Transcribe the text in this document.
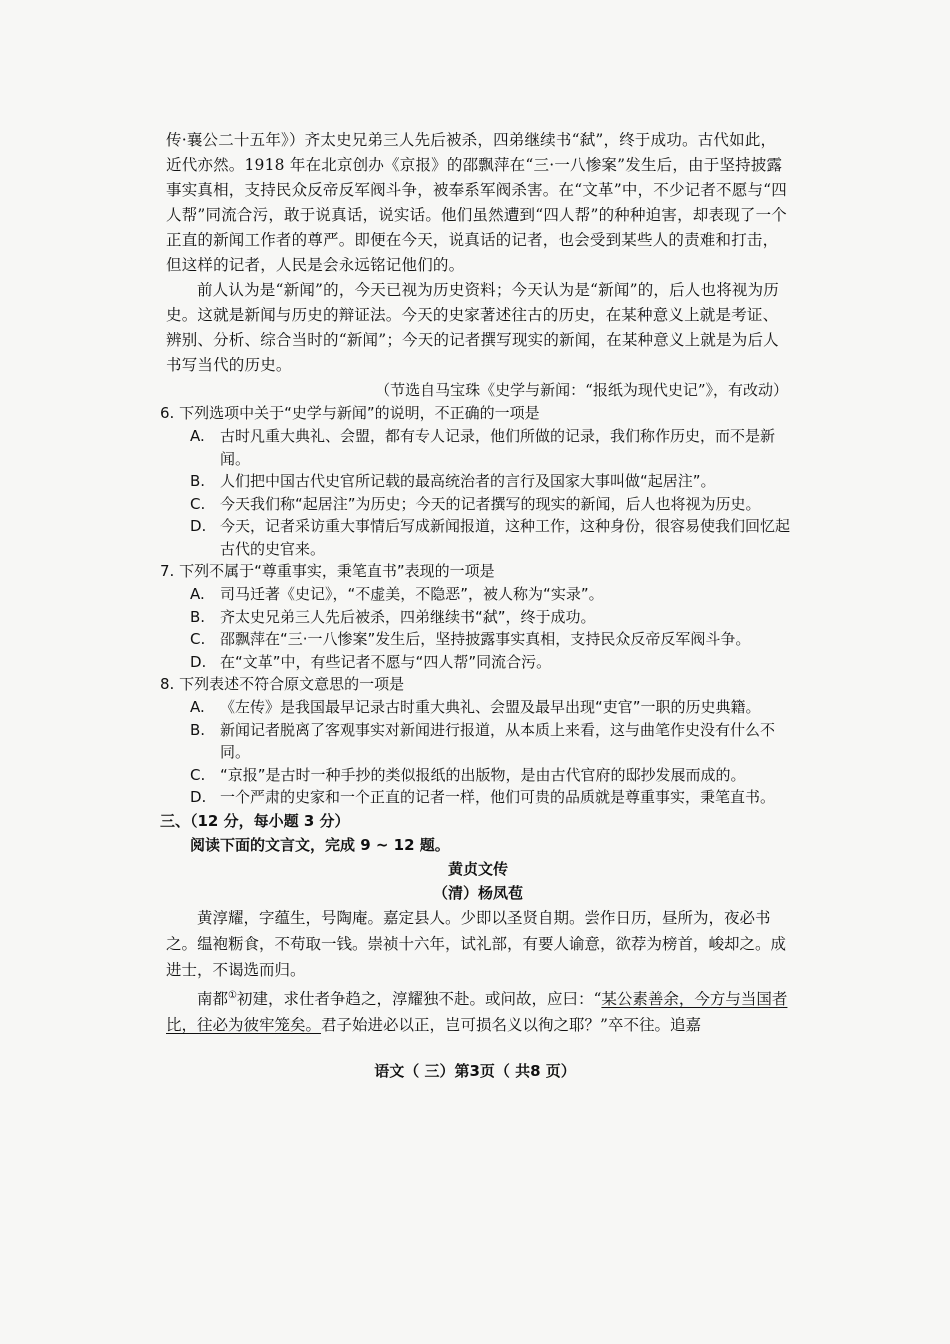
传·襄公二十五年》）齐太史兄弟三人先后被杀，四弟继续书“弑”，终于成功。古代如此，近代亦然。1918 年在北京创办《京报》的邵飘萍在“三·一八惨案”发生后，由于坚持披露事实真相，支持民众反帝反军阀斗争，被奉系军阀杀害。在“文革”中，不少记者不愿与“四人帮”同流合污，敢于说真话，说实话。他们虽然遭到“四人帮”的种种迫害，却表现了一个正直的新闻工作者的尊严。即便在今天，说真话的记者，也会受到某些人的责难和打击，但这样的记者，人民是会永远铭记他们的。

前人认为是“新闻”的，今天已视为历史资料；今天认为是“新闻”的，后人也将视为历史。这就是新闻与历史的辩证法。今天的史家著述往古的历史，在某种意义上就是考证、辨别、分析、综合当时的“新闻”；今天的记者撰写现实的新闻，在某种意义上就是为后人书写当代的历史。

（节选自马宝珠《史学与新闻：“报纸为现代史记”》，有改动）

6. 下列选项中关于“史学与新闻”的说明，不正确的一项是

A.	古时凡重大典礼、会盟，都有专人记录，他们所做的记录，我们称作历史，而不是新闻。
B. 人们把中国古代史官所记载的最高统治者的言行及国家大事叫做“起居注”。
C. 今天我们称“起居注”为历史；今天的记者撰写的现实的新闻，后人也将视为历史。
D. 今天，记者采访重大事情后写成新闻报道，这种工作，这种身份，很容易使我们回忆起古代的史官来。

7. 下列不属于“尊重事实，秉笔直书”表现的一项是

A.	司马迁著《史记》，“不虚美，不隐恶”，被人称为“实录”。
B. 齐太史兄弟三人先后被杀，四弟继续书“弑”，终于成功。
C. 邵飘萍在“三·一八惨案”发生后，坚持披露事实真相，支持民众反帝反军阀斗争。
D. 在“文革”中，有些记者不愿与“四人帮”同流合污。

8. 下列表述不符合原文意思的一项是

A.	《左传》是我国最早记录古时重大典礼、会盟及最早出现“吏官”一职的历史典籍。
B. 新闻记者脱离了客观事实对新闻进行报道，从本质上来看，这与曲笔作史没有什么不同。
C. “京报”是古时一种手抄的类似报纸的出版物，是由古代官府的邸抄发展而成的。
D. 一个严肃的史家和一个正直的记者一样，他们可贵的品质就是尊重事实，秉笔直书。

三、（12 分，每小题 3 分）

阅读下面的文言文，完成 9 ~ 12 题。

黄贞文传

（清）杨凤苞

黄淳耀，字蕴生，号陶庵。嘉定县人。少即以圣贤自期。尝作日历，昼所为，夜必书之。缊袍粝食，不苟取一钱。崇祯十六年，试礼部，有要人谕意，欲荐为榜首，峻却之。成进士，不谒选而归。

南都①初建，求仕者争趋之，淳耀独不赴。或问故，应曰：“某公素善余，今方与当国者比，往必为彼牢笼矣。君子始进必以正，岂可损名义以徇之耶？”卒不往。追嘉

语文（ 三）第3页（ 共8 页）
